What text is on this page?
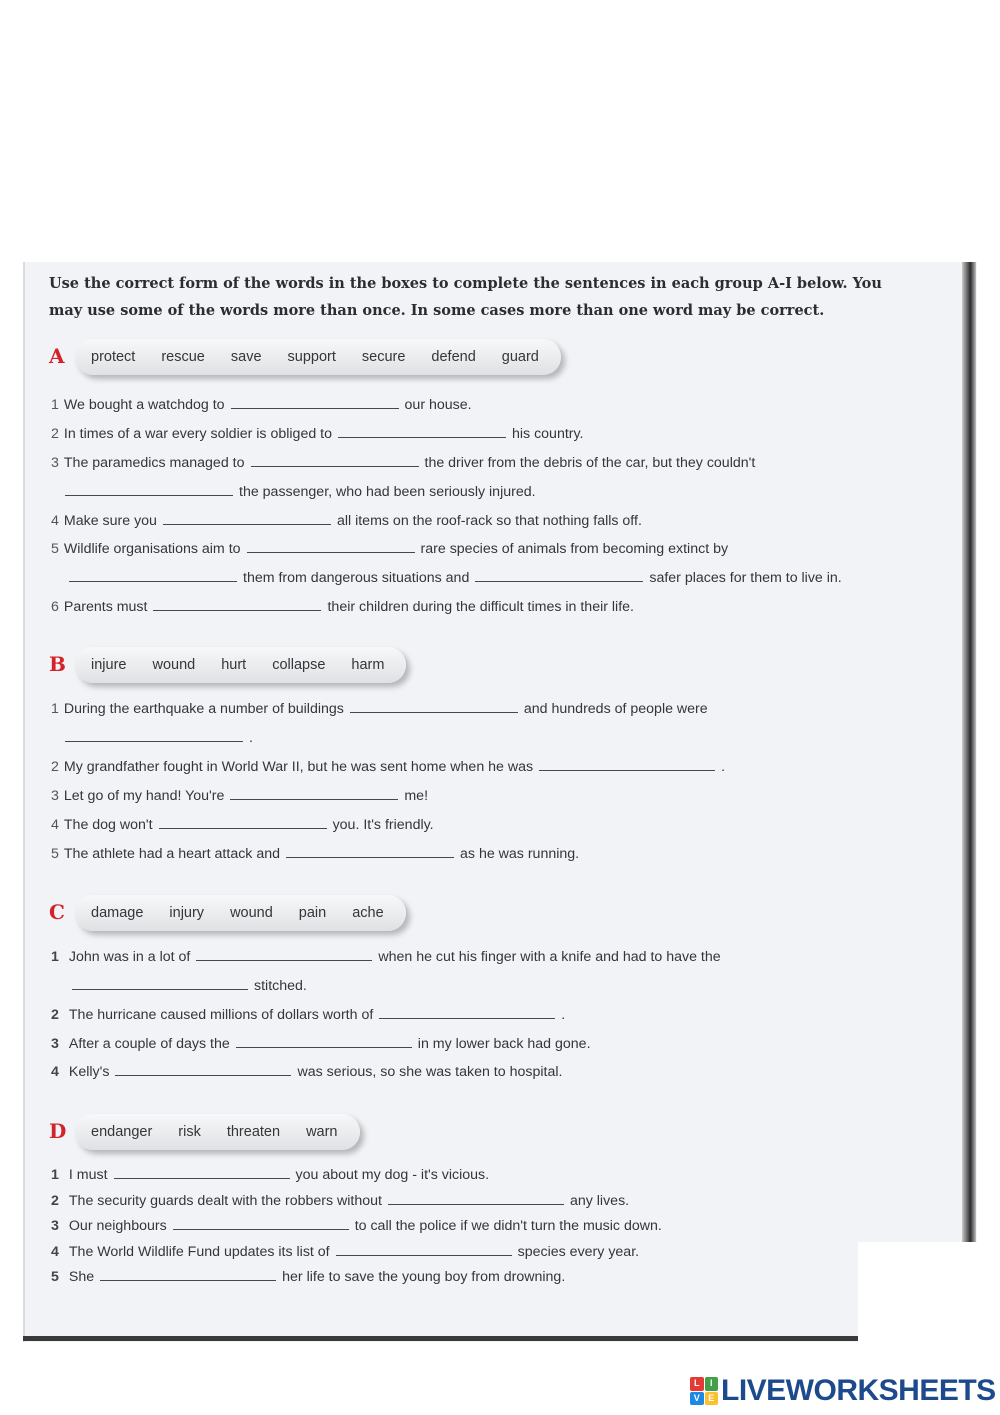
Use the correct form of the words in the boxes to complete the sentences in each group A-I below. You may use some of the words more than once. In some cases more than one word may be correct.
A protect rescue save support secure defend guard
1 We bought a watchdog to	our house.
2 In times of a war every soldier is obliged to	his country.
3 The paramedics managed to	the driver from the debris of the car, but they couldn't
the passenger, who had been seriously injured.
4 Make sure you	all items on the roof-rack so that nothing falls off.
5 Wildlife organisations aim to	rare species of animals from becoming extinct by
them from dangerous situations and	safer places for them to live in.
6 Parents must	their children during the difficult times in their life.
B injure wound hurt collapse harm
1 During the earthquake a number of buildings	and hundreds of people were
.
2 My grandfather fought in World War II, but he was sent home when he was	.
3 Let go of my hand! You're	me!
4 The dog won't	you. It's friendly.
5 The athlete had a heart attack and	as he was running.
C damage injury wound pain ache
1 John was in a lot of	when he cut his finger with a knife and had to have the
stitched.
2 The hurricane caused millions of dollars worth of	.
3 After a couple of days the	in my lower back had gone.
4 Kelly's	was serious, so she was taken to hospital.
D endanger risk threaten warn
1 I must	you about my dog - it's vicious.
2 The security guards dealt with the robbers without	any lives.
3 Our neighbours	to call the police if we didn't turn the music down.
4 The World Wildlife Fund updates its list of	species every year.
5 She	her life to save the young boy from drowning.
L	I
V E LIVEWORKSHEETS
